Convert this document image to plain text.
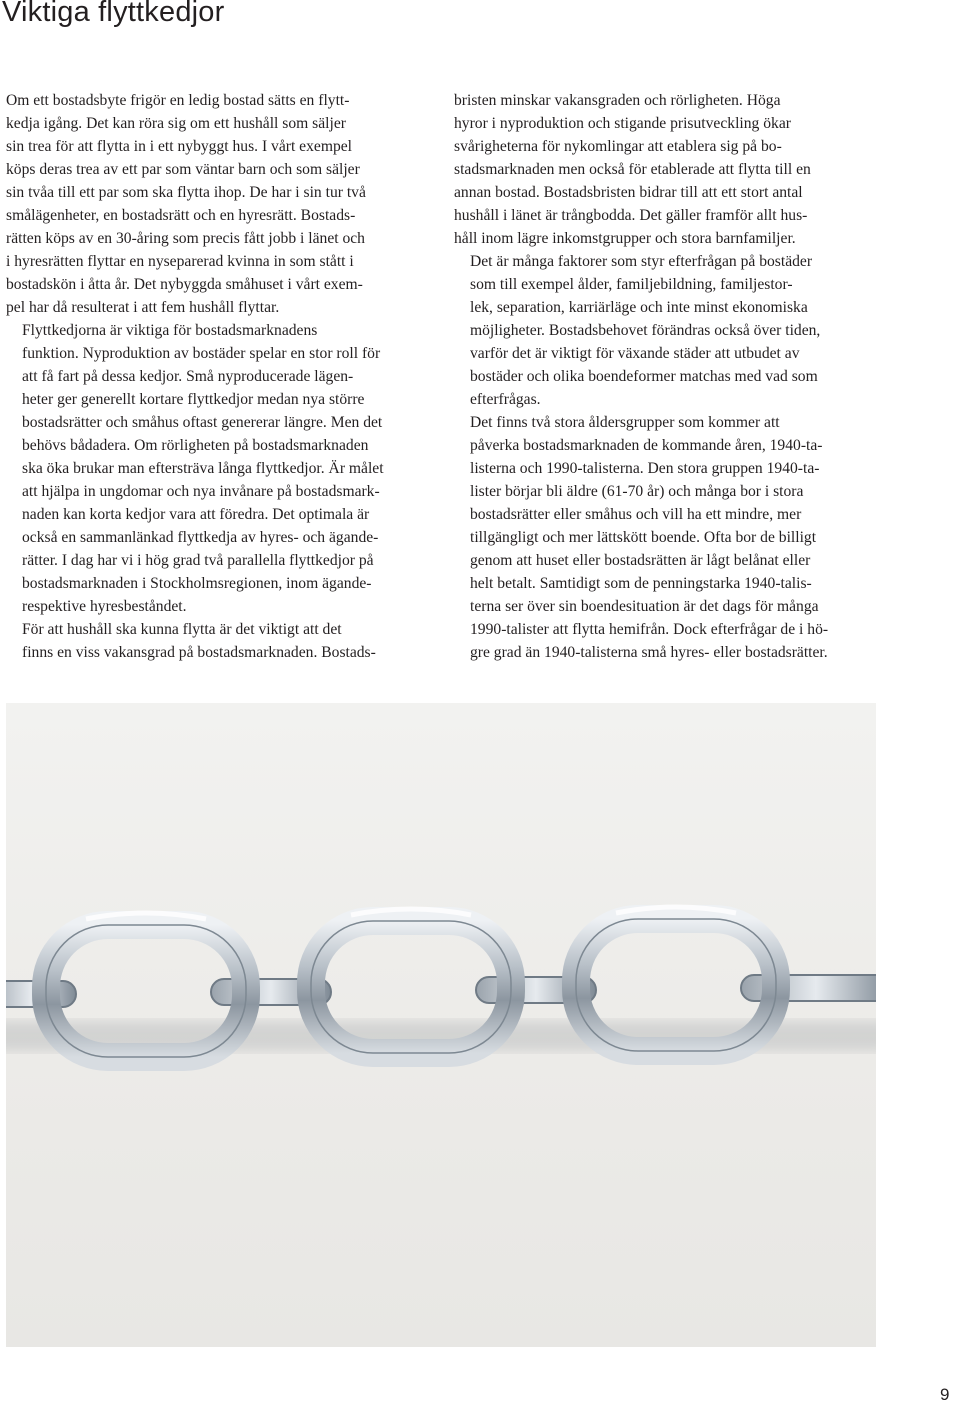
Viktiga flyttkedjor

Om ett bostadsbyte frigör en ledig bostad sätts en flytt-
kedja igång. Det kan röra sig om ett hushåll som säljer
sin trea för att flytta in i ett nybyggt hus. I vårt exempel
köps deras trea av ett par som väntar barn och som säljer
sin tvåa till ett par som ska flytta ihop. De har i sin tur två
smålägenheter, en bostadsrätt och en hyresrätt. Bostads-
rätten köps av en 30-åring som precis fått jobb i länet och
i hyresrätten flyttar en nyseparerad kvinna in som stått i
bostadskön i åtta år. Det nybyggda småhuset i vårt exem-
pel har då resulterat i att fem hushåll flyttar.

Flyttkedjorna är viktiga för bostadsmarknadens
funktion. Nyproduktion av bostäder spelar en stor roll för
att få fart på dessa kedjor. Små nyproducerade lägen-
heter ger generellt kortare flyttkedjor medan nya större
bostadsrätter och småhus oftast genererar längre. Men det
behövs bådadera. Om rörligheten på bostadsmarknaden
ska öka brukar man eftersträva långa flyttkedjor. Är målet
att hjälpa in ungdomar och nya invånare på bostadsmark-
naden kan korta kedjor vara att föredra. Det optimala är
också en sammanlänkad flyttkedja av hyres- och ägande-
rätter. I dag har vi i hög grad två parallella flyttkedjor på
bostadsmarknaden i Stockholmsregionen, inom ägande-
respektive hyresbeståndet.

För att hushåll ska kunna flytta är det viktigt att det
finns en viss vakansgrad på bostadsmarknaden. Bostads-

bristen minskar vakansgraden och rörligheten. Höga
hyror i nyproduktion och stigande prisutveckling ökar
svårigheterna för nykomlingar att etablera sig på bo-
stadsmarknaden men också för etablerade att flytta till en
annan bostad. Bostadsbristen bidrar till att ett stort antal
hushåll i länet är trångbodda. Det gäller framför allt hus-
håll inom lägre inkomstgrupper och stora barnfamiljer.

Det är många faktorer som styr efterfrågan på bostäder
som till exempel ålder, familjebildning, familjestor-
lek, separation, karriärläge och inte minst ekonomiska
möjligheter. Bostadsbehovet förändras också över tiden,
varför det är viktigt för växande städer att utbudet av
bostäder och olika boendeformer matchas med vad som
efterfrågas.

Det finns två stora åldersgrupper som kommer att
påverka bostadsmarknaden de kommande åren, 1940-ta-
listerna och 1990-talisterna. Den stora gruppen 1940-ta-
lister börjar bli äldre (61-70 år) och många bor i stora
bostadsrätter eller småhus och vill ha ett mindre, mer
tillgängligt och mer lättskött boende. Ofta bor de billigt
genom att huset eller bostadsrätten är lågt belånat eller
helt betalt. Samtidigt som de penningstarka 1940-talis-
terna ser över sin boendesituation är det dags för många
1990-talister att flytta hemifrån. Dock efterfrågar de i hö-
gre grad än 1940-talisterna små hyres- eller bostadsrätter.

9
